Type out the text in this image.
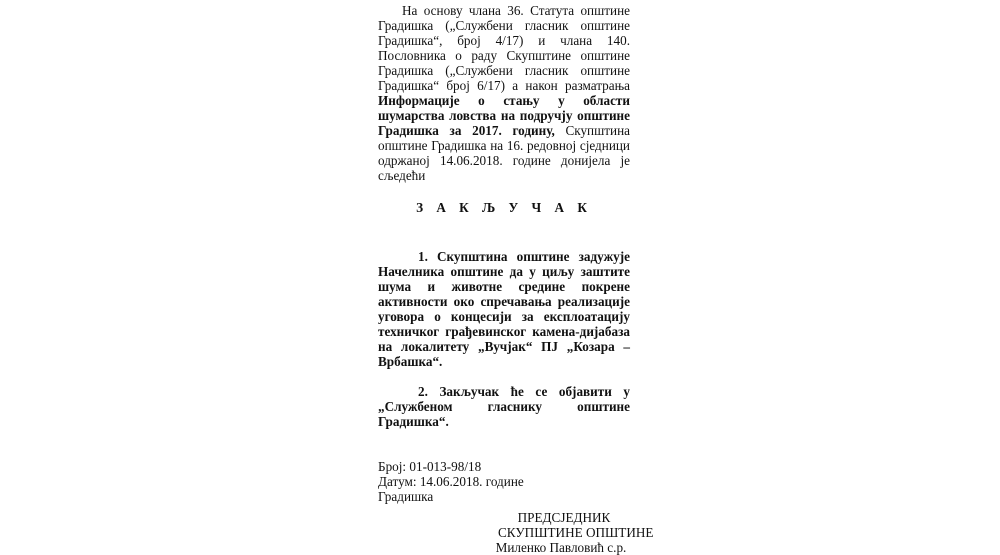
На основу члана 36. Статута општине Градишка („Службени гласник општине Градишка“, број 4/17) и члана 140. Пословника о раду Скупштине општине Градишка („Службени гласник општине Градишка“ број 6/17) а након разматрања Информације о стању у области шумарства ловства на подручју општине Градишка за 2017. годину, Скупштина општине Градишка на 16. редовној сједници одржаној 14.06.2018. године донијела је сљедећи

З А К Љ У Ч А К

1. Скупштина општине задужује Начелника општине да у циљу заштите шума и животне средине покрене активности око спречавања реализације уговора о концесији за експлоатацију техничког грађевинског камена-дијабаза на локалитету „Вучјак“ ПЈ „Козара – Врбашка“.

2. Закључак ће се објавити у „Службеном гласнику општине Градишка“.

Број: 01-013-98/18
Датум: 14.06.2018. године
Градишка
ПРЕДСЈЕДНИК
СКУПШТИНЕ ОПШТИНЕ
Миленко Павловић с.р.
